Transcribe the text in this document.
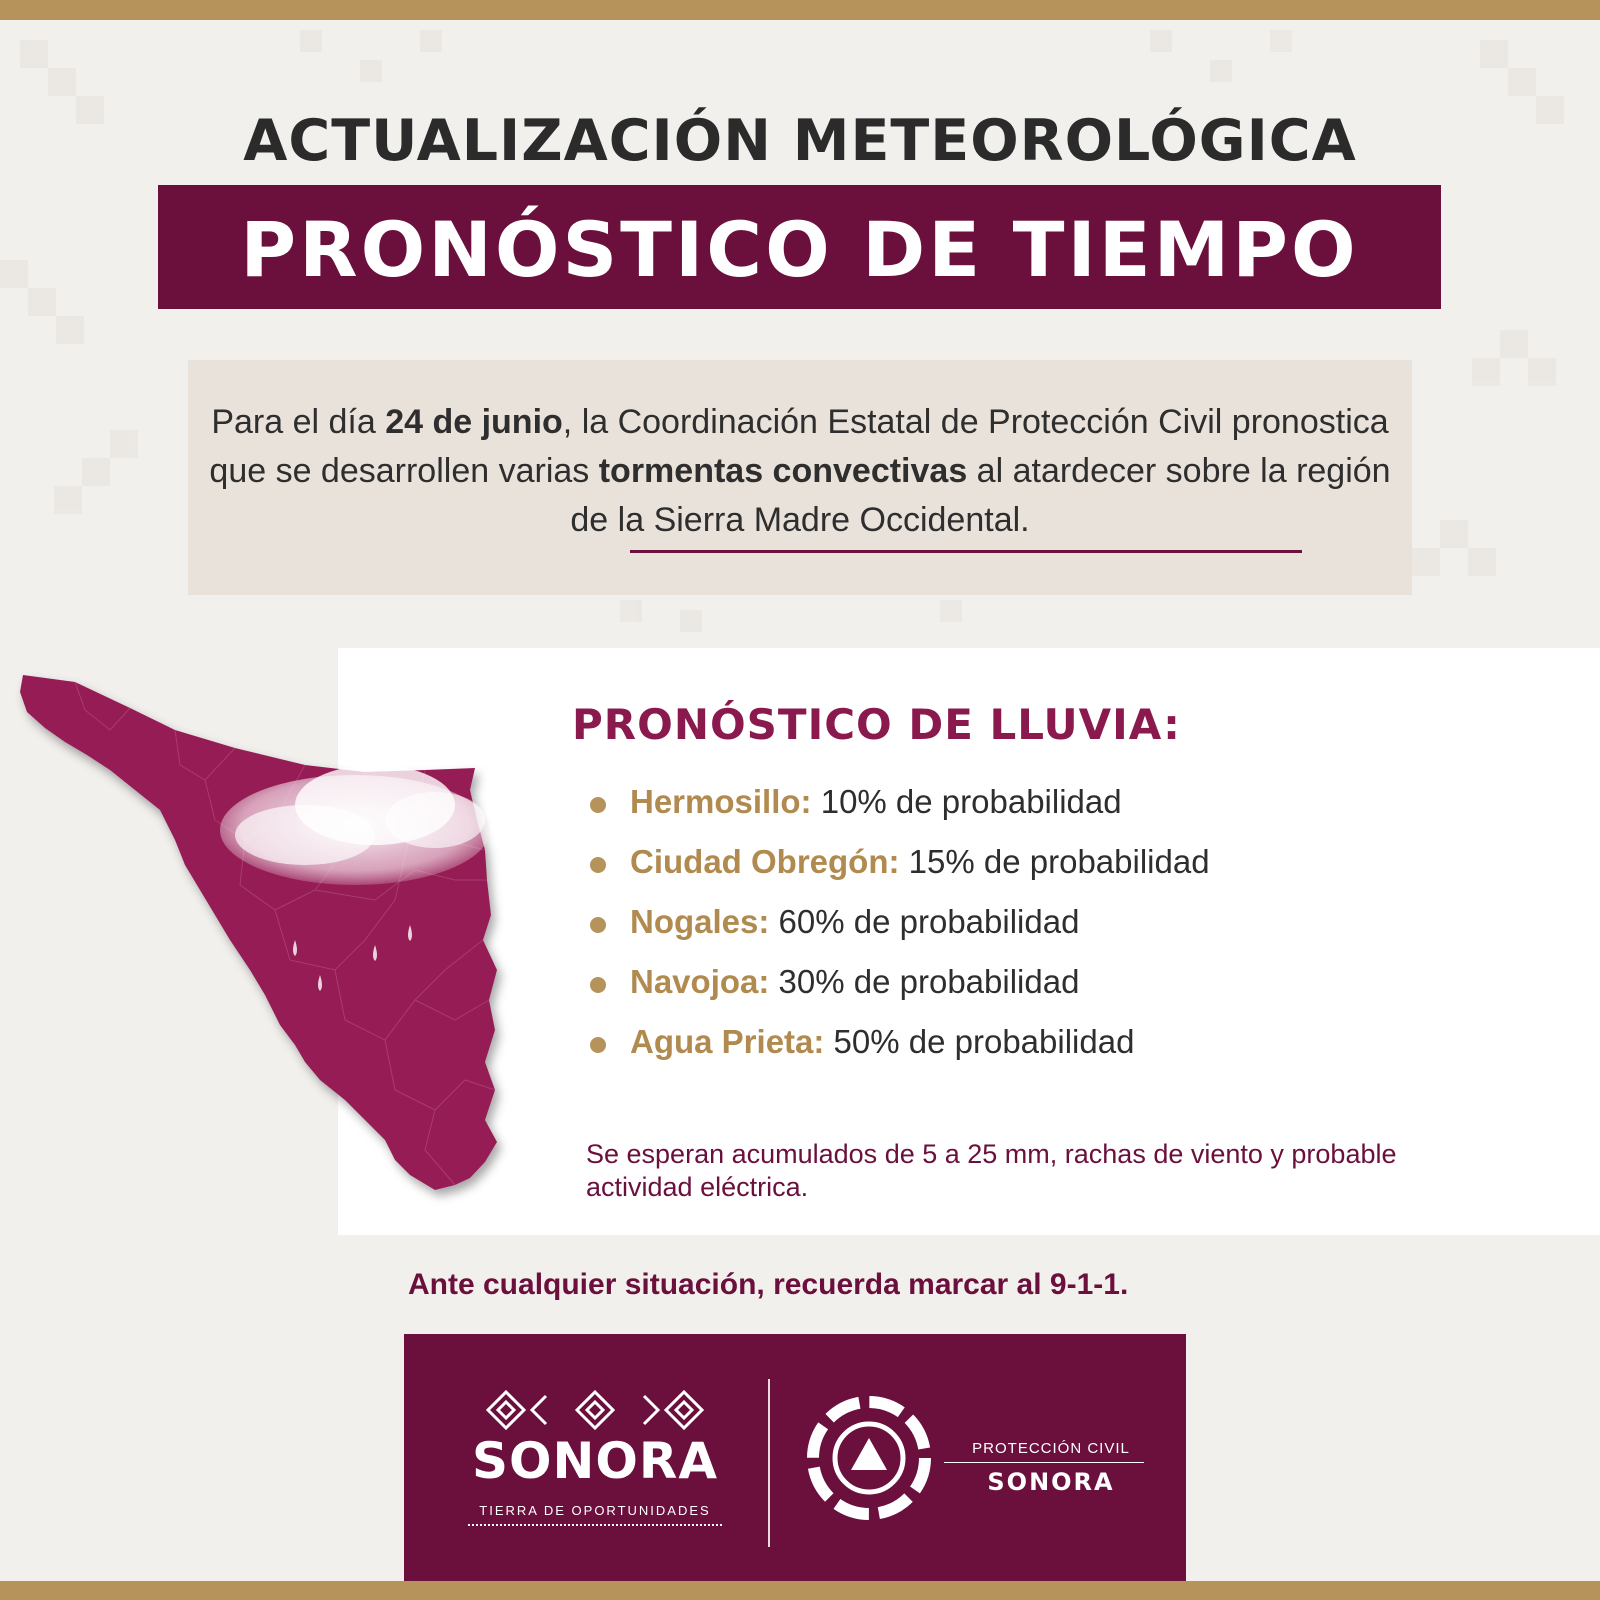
ACTUALIZACIÓN METEOROLÓGICA
PRONÓSTICO DE TIEMPO
Para el día 24 de junio, la Coordinación Estatal de Protección Civil pronostica que se desarrollen varias tormentas convectivas al atardecer sobre la región de la Sierra Madre Occidental.
PRONÓSTICO DE LLUVIA:
Hermosillo: 10% de probabilidad
Ciudad Obregón: 15% de probabilidad
Nogales: 60% de probabilidad
Navojoa: 30% de probabilidad
Agua Prieta: 50% de probabilidad
Se esperan acumulados de 5 a 25 mm, rachas de viento y probable actividad eléctrica.
Ante cualquier situación, recuerda marcar al 9-1-1.
SONORA
TIERRA DE OPORTUNIDADES
PROTECCIÓN CIVIL
SONORA
